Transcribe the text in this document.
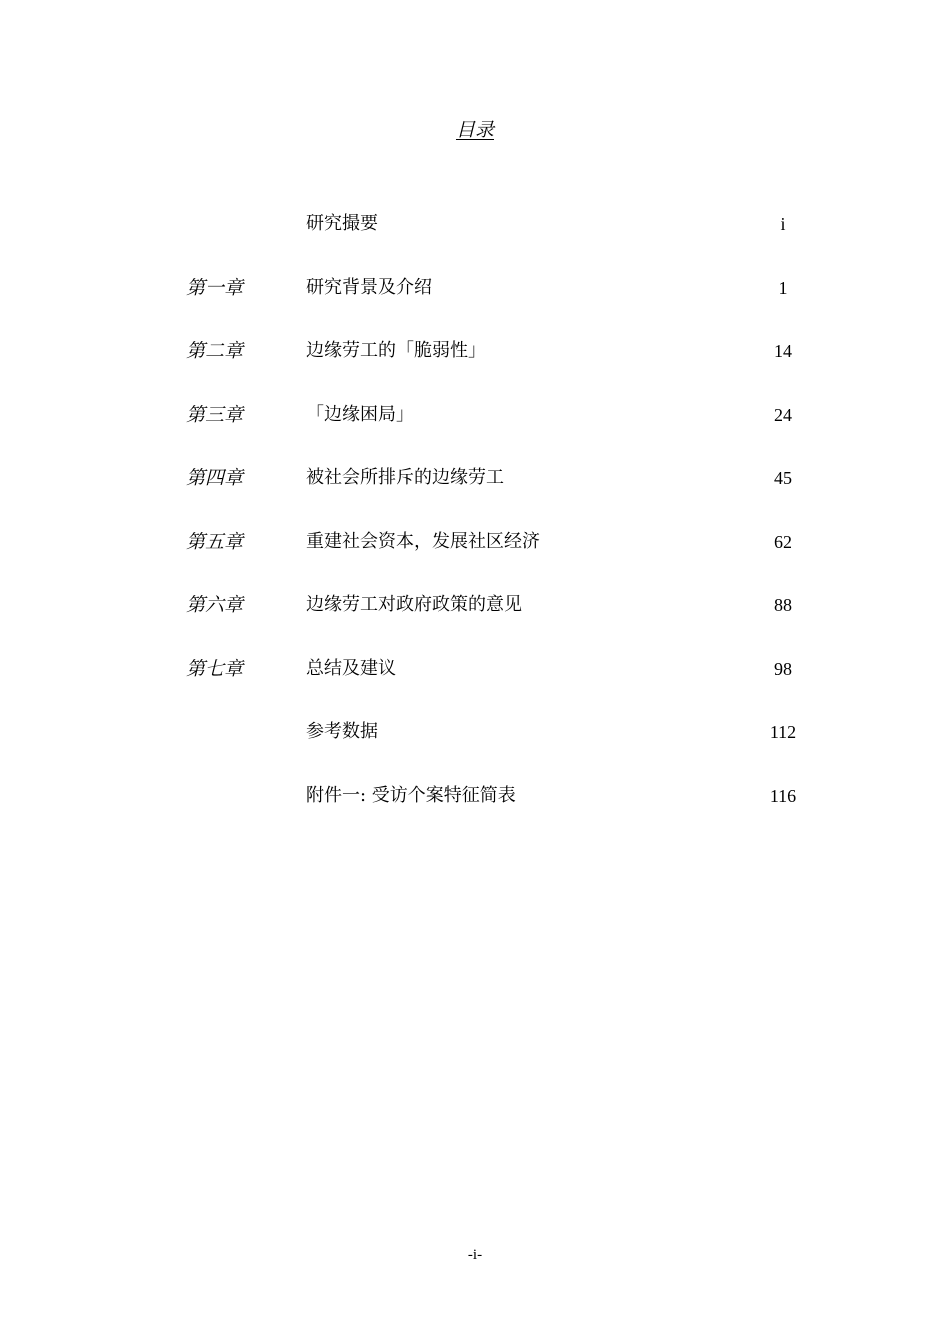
目录
研究撮要	i
第一章	研究背景及介绍	1
第二章	边缘劳工的「脆弱性」	14
第三章	「边缘困局」	24
第四章	被社会所排斥的边缘劳工	45
第五章	重建社会资本，发展社区经济	62
第六章	边缘劳工对政府政策的意见	88
第七章	总结及建议	98
参考数据	112
附件一: 受访个案特征简表	116
-i-
